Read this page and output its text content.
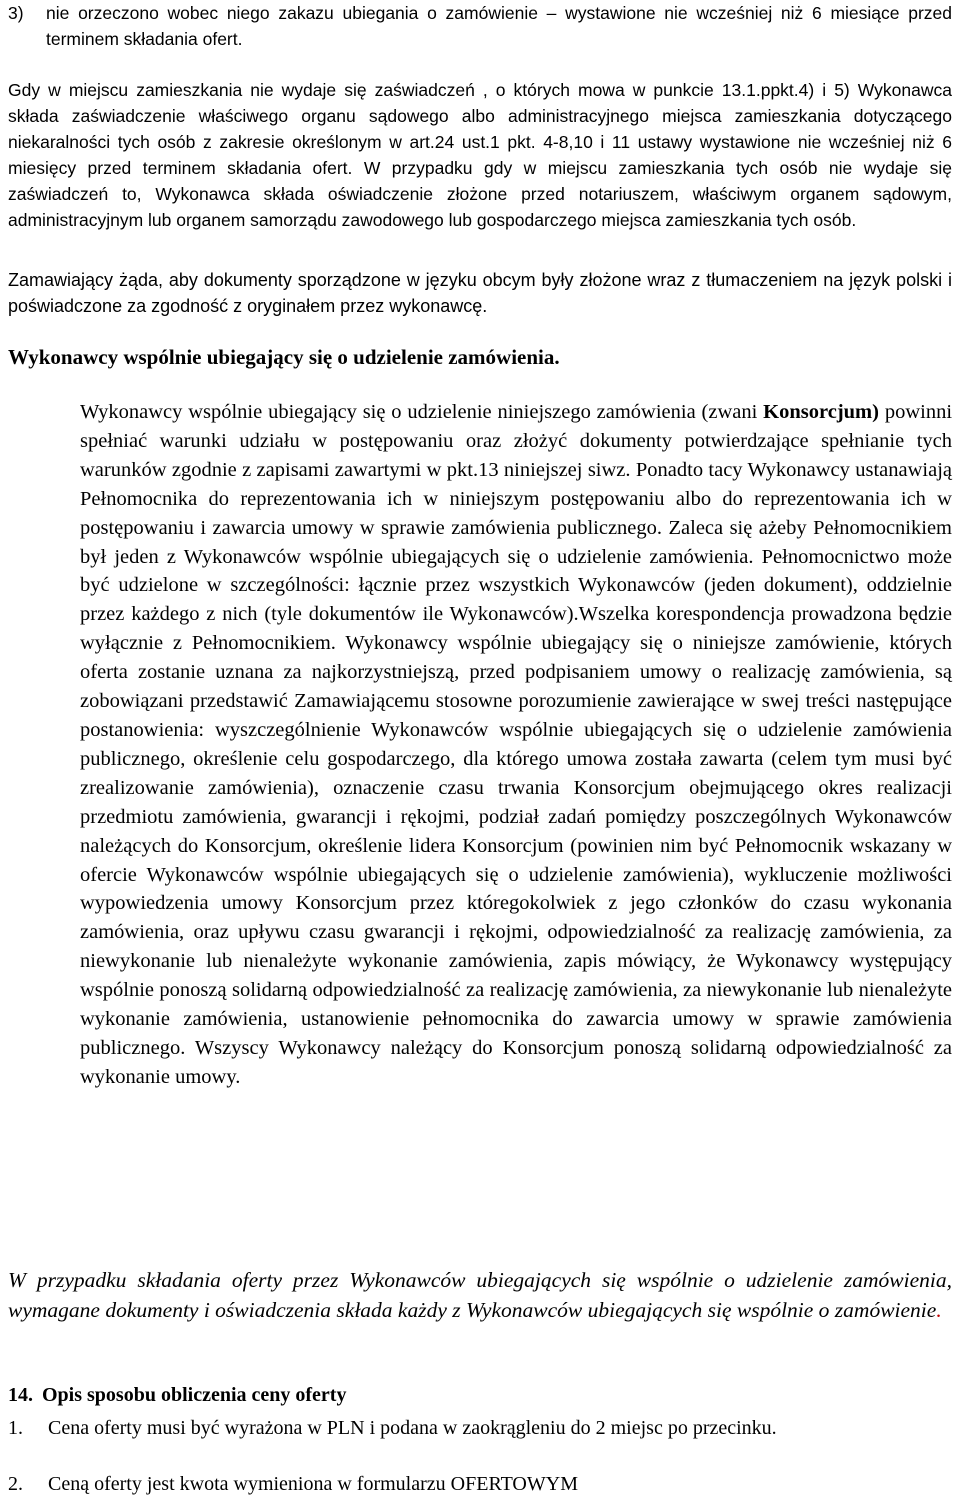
3) nie orzeczono wobec niego zakazu ubiegania o zamówienie – wystawione nie wcześniej niż 6 miesiące przed terminem składania ofert.
Gdy w miejscu zamieszkania nie wydaje się zaświadczeń , o których mowa w punkcie 13.1.ppkt.4) i 5) Wykonawca składa zaświadczenie właściwego organu sądowego albo administracyjnego miejsca zamieszkania dotyczącego niekaralności tych osób z zakresie określonym w art.24 ust.1 pkt. 4-8,10 i 11 ustawy wystawione nie wcześniej niż 6 miesięcy przed terminem składania ofert. W przypadku gdy w miejscu zamieszkania tych osób nie wydaje się zaświadczeń to, Wykonawca składa oświadczenie złożone przed notariuszem, właściwym organem sądowym, administracyjnym lub organem samorządu zawodowego lub gospodarczego miejsca zamieszkania tych osób.
Zamawiający żąda, aby dokumenty sporządzone w języku obcym były złożone wraz z tłumaczeniem na język polski i poświadczone za zgodność z oryginałem przez wykonawcę.
Wykonawcy wspólnie ubiegający się o udzielenie zamówienia.
Wykonawcy wspólnie ubiegający się o udzielenie niniejszego zamówienia (zwani Konsorcjum) powinni spełniać warunki udziału w postępowaniu oraz złożyć dokumenty potwierdzające spełnianie tych warunków zgodnie z zapisami zawartymi w pkt.13 niniejszej siwz. Ponadto tacy Wykonawcy ustanawiają Pełnomocnika do reprezentowania ich w niniejszym postępowaniu albo do reprezentowania ich w postępowaniu i zawarcia umowy w sprawie zamówienia publicznego. Zaleca się ażeby Pełnomocnikiem był jeden z Wykonawców wspólnie ubiegających się o udzielenie zamówienia. Pełnomocnictwo może być udzielone w szczególności: łącznie przez wszystkich Wykonawców (jeden dokument), oddzielnie przez każdego z nich (tyle dokumentów ile Wykonawców).Wszelka korespondencja prowadzona będzie wyłącznie z Pełnomocnikiem. Wykonawcy wspólnie ubiegający się o niniejsze zamówienie, których oferta zostanie uznana za najkorzystniejszą, przed podpisaniem umowy o realizację zamówienia, są zobowiązani przedstawić Zamawiającemu stosowne porozumienie zawierające w swej treści następujące postanowienia: wyszczególnienie Wykonawców wspólnie ubiegających się o udzielenie zamówienia publicznego, określenie celu gospodarczego, dla którego umowa została zawarta (celem tym musi być zrealizowanie zamówienia), oznaczenie czasu trwania Konsorcjum obejmującego okres realizacji przedmiotu zamówienia, gwarancji i rękojmi, podział zadań pomiędzy poszczególnych Wykonawców należących do Konsorcjum, określenie lidera Konsorcjum (powinien nim być Pełnomocnik wskazany w ofercie Wykonawców wspólnie ubiegających się o udzielenie zamówienia), wykluczenie możliwości wypowiedzenia umowy Konsorcjum przez któregokolwiek z jego członków do czasu wykonania zamówienia, oraz upływu czasu gwarancji i rękojmi, odpowiedzialność za realizację zamówienia, za niewykonanie lub nienależyte wykonanie zamówienia, zapis mówiący, że Wykonawcy występujący wspólnie ponoszą solidarną odpowiedzialność za realizację zamówienia, za niewykonanie lub nienależyte wykonanie zamówienia, ustanowienie pełnomocnika do zawarcia umowy w sprawie zamówienia publicznego. Wszyscy Wykonawcy należący do Konsorcjum ponoszą solidarną odpowiedzialność za wykonanie umowy.
W przypadku składania oferty przez Wykonawców ubiegających się wspólnie o udzielenie zamówienia, wymagane dokumenty i oświadczenia składa każdy z Wykonawców ubiegających się wspólnie o zamówienie.
14. Opis sposobu obliczenia ceny oferty
1. Cena oferty musi być wyrażona w PLN i podana w zaokrągleniu do 2 miejsc po przecinku.
2. Ceną oferty jest kwota wymieniona w formularzu OFERTOWYM
